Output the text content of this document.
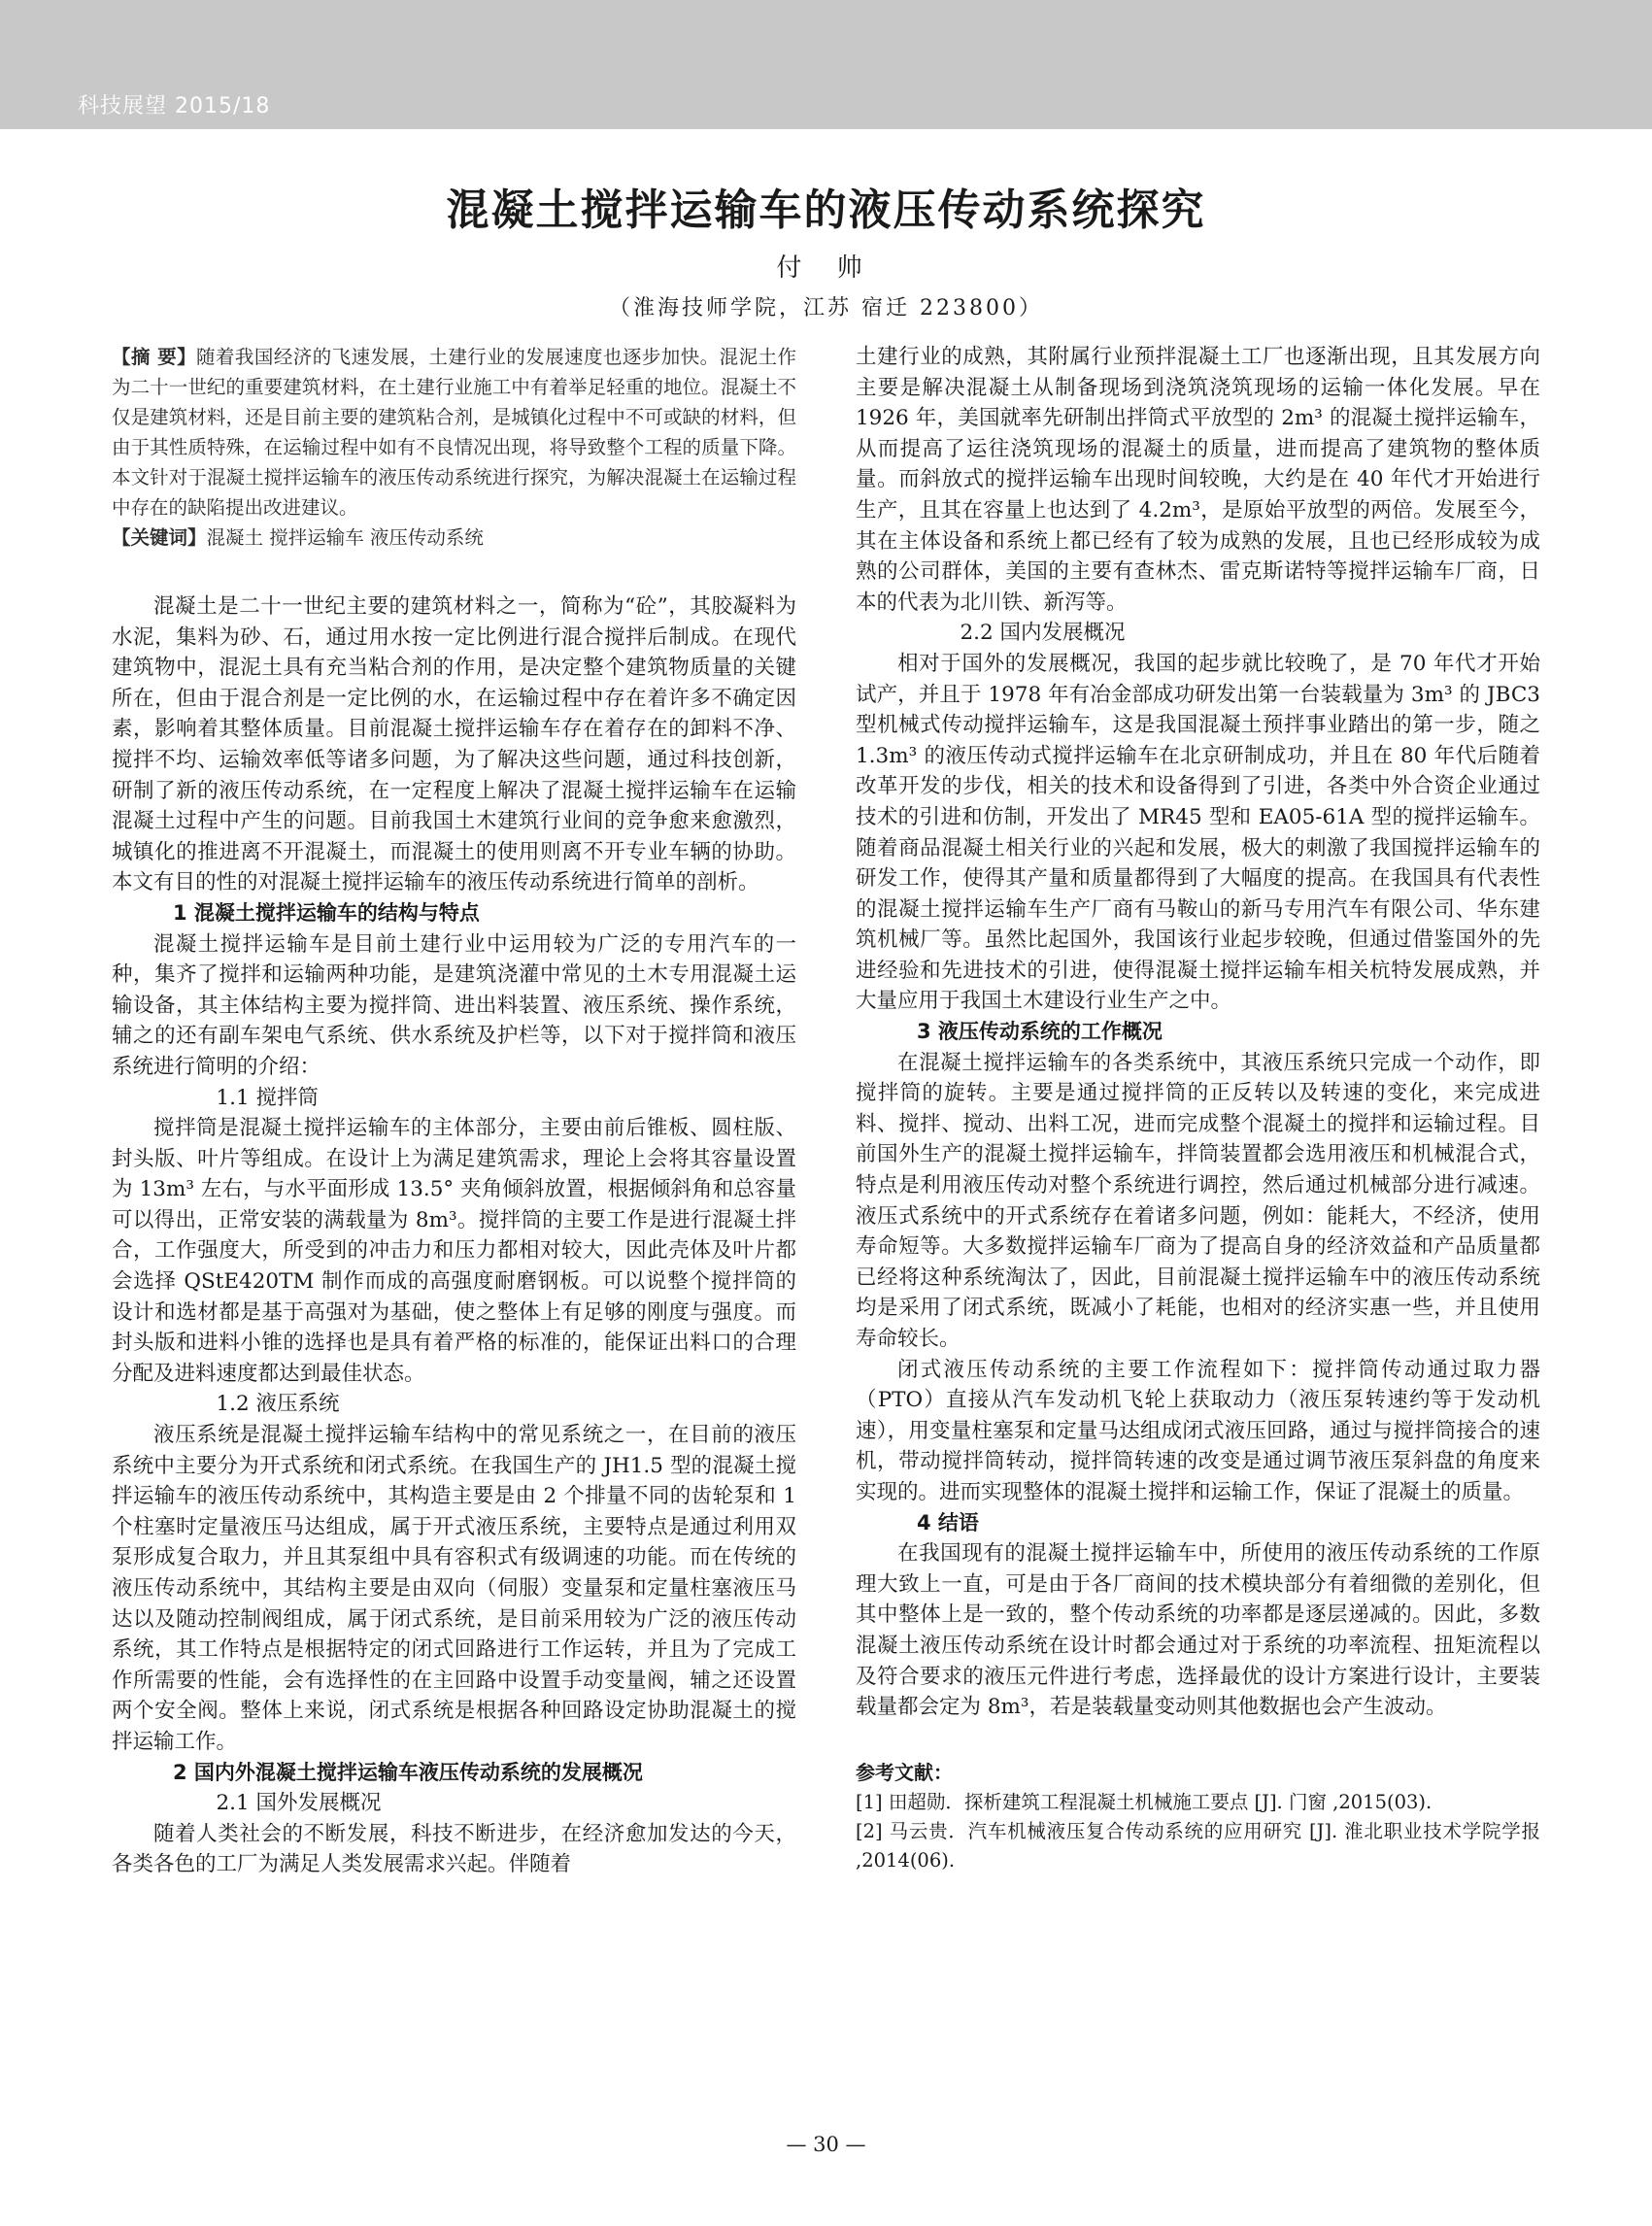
科技展望 2015/18
混凝土搅拌运输车的液压传动系统探究
付 帅
（淮海技师学院，江苏 宿迁 223800）

【摘 要】随着我国经济的飞速发展，土建行业的发展速度也逐步加快。混泥土作为二十一世纪的重要建筑材料，在土建行业施工中有着举足轻重的地位。混凝土不仅是建筑材料，还是目前主要的建筑粘合剂，是城镇化过程中不可或缺的材料，但由于其性质特殊，在运输过程中如有不良情况出现，将导致整个工程的质量下降。本文针对于混凝土搅拌运输车的液压传动系统进行探究，为解决混凝土在运输过程中存在的缺陷提出改进建议。

【关键词】混凝土 搅拌运输车 液压传动系统

混凝土是二十一世纪主要的建筑材料之一，简称为“砼”，其胶凝料为水泥，集料为砂、石，通过用水按一定比例进行混合搅拌后制成。在现代建筑物中，混泥土具有充当粘合剂的作用，是决定整个建筑物质量的关键所在，但由于混合剂是一定比例的水，在运输过程中存在着许多不确定因素，影响着其整体质量。目前混凝土搅拌运输车存在着存在的卸料不净、搅拌不均、运输效率低等诸多问题，为了解决这些问题，通过科技创新，研制了新的液压传动系统，在一定程度上解决了混凝土搅拌运输车在运输混凝土过程中产生的问题。目前我国土木建筑行业间的竞争愈来愈激烈，城镇化的推进离不开混凝土，而混凝土的使用则离不开专业车辆的协助。本文有目的性的对混凝土搅拌运输车的液压传动系统进行简单的剖析。

1 混凝土搅拌运输车的结构与特点

混凝土搅拌运输车是目前土建行业中运用较为广泛的专用汽车的一种，集齐了搅拌和运输两种功能，是建筑浇灌中常见的土木专用混凝土运输设备，其主体结构主要为搅拌筒、进出料装置、液压系统、操作系统，辅之的还有副车架电气系统、供水系统及护栏等，以下对于搅拌筒和液压系统进行简明的介绍：

1.1 搅拌筒

搅拌筒是混凝土搅拌运输车的主体部分，主要由前后锥板、圆柱版、封头版、叶片等组成。在设计上为满足建筑需求，理论上会将其容量设置为 13m³ 左右，与水平面形成 13.5° 夹角倾斜放置，根据倾斜角和总容量可以得出，正常安装的满载量为 8m³。搅拌筒的主要工作是进行混凝土拌合，工作强度大，所受到的冲击力和压力都相对较大，因此壳体及叶片都会选择 QStE420TM 制作而成的高强度耐磨钢板。可以说整个搅拌筒的设计和选材都是基于高强对为基础，使之整体上有足够的刚度与强度。而封头版和进料小锥的选择也是具有着严格的标准的，能保证出料口的合理分配及进料速度都达到最佳状态。

1.2 液压系统

液压系统是混凝土搅拌运输车结构中的常见系统之一，在目前的液压系统中主要分为开式系统和闭式系统。在我国生产的 JH1.5 型的混凝土搅拌运输车的液压传动系统中，其构造主要是由 2 个排量不同的齿轮泵和 1 个柱塞时定量液压马达组成，属于开式液压系统，主要特点是通过利用双泵形成复合取力，并且其泵组中具有容积式有级调速的功能。而在传统的液压传动系统中，其结构主要是由双向（伺服）变量泵和定量柱塞液压马达以及随动控制阀组成，属于闭式系统，是目前采用较为广泛的液压传动系统，其工作特点是根据特定的闭式回路进行工作运转，并且为了完成工作所需要的性能，会有选择性的在主回路中设置手动变量阀，辅之还设置两个安全阀。整体上来说，闭式系统是根据各种回路设定协助混凝土的搅拌运输工作。

2 国内外混凝土搅拌运输车液压传动系统的发展概况

2.1 国外发展概况

随着人类社会的不断发展，科技不断进步，在经济愈加发达的今天，各类各色的工厂为满足人类发展需求兴起。伴随着

土建行业的成熟，其附属行业预拌混凝土工厂也逐渐出现，且其发展方向主要是解决混凝土从制备现场到浇筑浇筑现场的运输一体化发展。早在 1926 年，美国就率先研制出拌筒式平放型的 2m³ 的混凝土搅拌运输车，从而提高了运往浇筑现场的混凝土的质量，进而提高了建筑物的整体质量。而斜放式的搅拌运输车出现时间较晚，大约是在 40 年代才开始进行生产，且其在容量上也达到了 4.2m³，是原始平放型的两倍。发展至今，其在主体设备和系统上都已经有了较为成熟的发展，且也已经形成较为成熟的公司群体，美国的主要有查林杰、雷克斯诺特等搅拌运输车厂商，日本的代表为北川铁、新泻等。

2.2 国内发展概况

相对于国外的发展概况，我国的起步就比较晚了，是 70 年代才开始试产，并且于 1978 年有冶金部成功研发出第一台装载量为 3m³ 的 JBC3 型机械式传动搅拌运输车，这是我国混凝土预拌事业踏出的第一步，随之 1.3m³ 的液压传动式搅拌运输车在北京研制成功，并且在 80 年代后随着改革开发的步伐，相关的技术和设备得到了引进，各类中外合资企业通过技术的引进和仿制，开发出了 MR45 型和 EA05-61A 型的搅拌运输车。随着商品混凝土相关行业的兴起和发展，极大的刺激了我国搅拌运输车的研发工作，使得其产量和质量都得到了大幅度的提高。在我国具有代表性的混凝土搅拌运输车生产厂商有马鞍山的新马专用汽车有限公司、华东建筑机械厂等。虽然比起国外，我国该行业起步较晚，但通过借鉴国外的先进经验和先进技术的引进，使得混凝土搅拌运输车相关杭特发展成熟，并大量应用于我国土木建设行业生产之中。

3 液压传动系统的工作概况

在混凝土搅拌运输车的各类系统中，其液压系统只完成一个动作，即搅拌筒的旋转。主要是通过搅拌筒的正反转以及转速的变化，来完成进料、搅拌、搅动、出料工况，进而完成整个混凝土的搅拌和运输过程。目前国外生产的混凝土搅拌运输车，拌筒装置都会选用液压和机械混合式，特点是利用液压传动对整个系统进行调控，然后通过机械部分进行减速。液压式系统中的开式系统存在着诸多问题，例如：能耗大，不经济，使用寿命短等。大多数搅拌运输车厂商为了提高自身的经济效益和产品质量都已经将这种系统淘汰了，因此，目前混凝土搅拌运输车中的液压传动系统均是采用了闭式系统，既减小了耗能，也相对的经济实惠一些，并且使用寿命较长。

闭式液压传动系统的主要工作流程如下：搅拌筒传动通过取力器（PTO）直接从汽车发动机飞轮上获取动力（液压泵转速约等于发动机速），用变量柱塞泵和定量马达组成闭式液压回路，通过与搅拌筒接合的速机，带动搅拌筒转动，搅拌筒转速的改变是通过调节液压泵斜盘的角度来实现的。进而实现整体的混凝土搅拌和运输工作，保证了混凝土的质量。

4 结语

在我国现有的混凝土搅拌运输车中，所使用的液压传动系统的工作原理大致上一直，可是由于各厂商间的技术模块部分有着细微的差别化，但其中整体上是一致的，整个传动系统的功率都是逐层递减的。因此，多数混凝土液压传动系统在设计时都会通过对于系统的功率流程、扭矩流程以及符合要求的液压元件进行考虑，选择最优的设计方案进行设计，主要装载量都会定为 8m³，若是装载量变动则其他数据也会产生波动。

参考文献：

[1] 田超勋．探析建筑工程混凝土机械施工要点 [J]. 门窗 ,2015(03).

[2] 马云贵．汽车机械液压复合传动系统的应用研究 [J]. 淮北职业技术学院学报 ,2014(06).

— 30 —
